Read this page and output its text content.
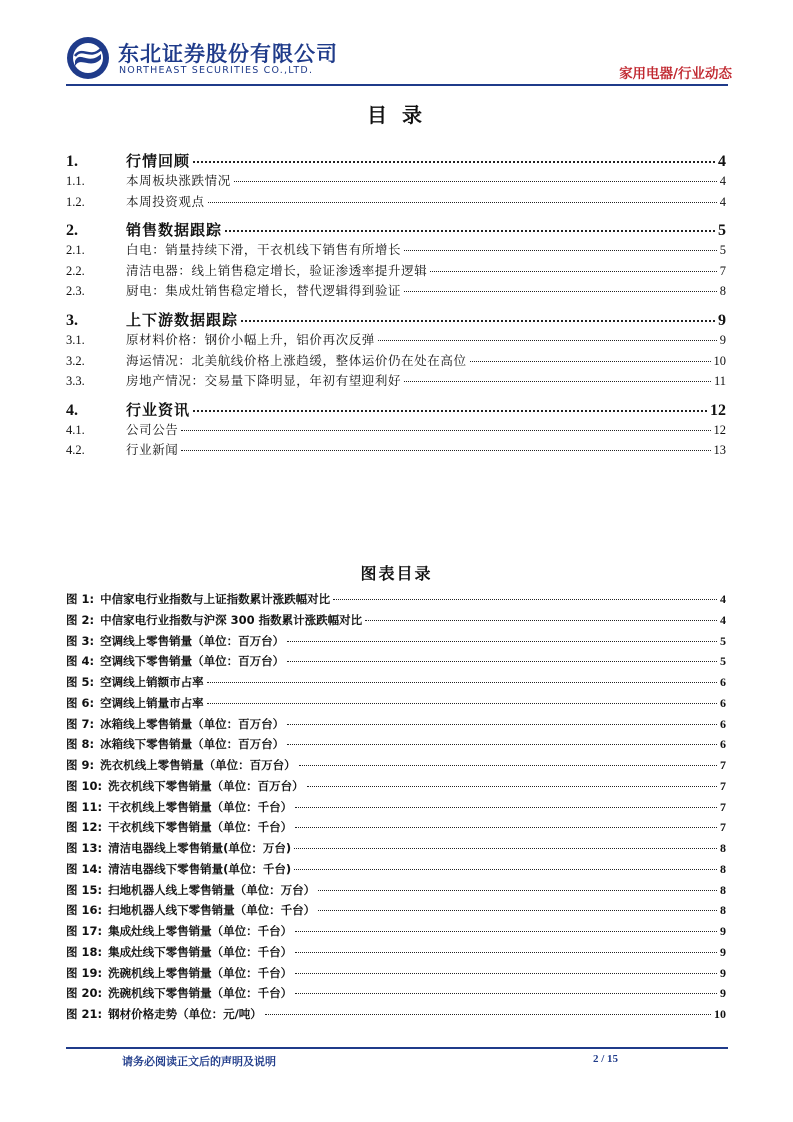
东北证券股份有限公司
NORTHEAST SECURITIES CO.,LTD.	家用电器/行业动态
目 录
1.	行情回顾	4
1.1.	本周板块涨跌情况	4
1.2.	本周投资观点	4
2.	销售数据跟踪	5
2.1.	白电：销量持续下滑，干衣机线下销售有所增长	5
2.2.	清洁电器：线上销售稳定增长，验证渗透率提升逻辑	7
2.3.	厨电：集成灶销售稳定增长，替代逻辑得到验证	8
3.	上下游数据跟踪	9
3.1.	原材料价格：钢价小幅上升，铝价再次反弹	9
3.2.	海运情况：北美航线价格上涨趋缓，整体运价仍在处在高位	10
3.3.	房地产情况：交易量下降明显，年初有望迎利好	11
4.	行业资讯	12
4.1.	公司公告	12
4.2.	行业新闻	13
图表目录
图 1: 中信家电行业指数与上证指数累计涨跌幅对比	4
图 2: 中信家电行业指数与沪深 300 指数累计涨跌幅对比	4
图 3: 空调线上零售销量（单位：百万台）	5
图 4: 空调线下零售销量（单位：百万台）	5
图 5: 空调线上销额市占率	6
图 6: 空调线上销量市占率	6
图 7: 冰箱线上零售销量（单位：百万台）	6
图 8: 冰箱线下零售销量（单位：百万台）	6
图 9: 洗衣机线上零售销量（单位：百万台）	7
图 10: 洗衣机线下零售销量（单位：百万台）	7
图 11: 干衣机线上零售销量（单位：千台）	7
图 12: 干衣机线下零售销量（单位：千台）	7
图 13: 清洁电器线上零售销量(单位：万台)	8
图 14: 清洁电器线下零售销量(单位：千台)	8
图 15: 扫地机器人线上零售销量（单位：万台）	8
图 16: 扫地机器人线下零售销量（单位：千台）	8
图 17: 集成灶线上零售销量（单位：千台）	9
图 18: 集成灶线下零售销量（单位：千台）	9
图 19: 洗碗机线上零售销量（单位：千台）	9
图 20: 洗碗机线下零售销量（单位：千台）	9
图 21: 钢材价格走势（单位：元/吨）	10
请务必阅读正文后的声明及说明	2 / 15
